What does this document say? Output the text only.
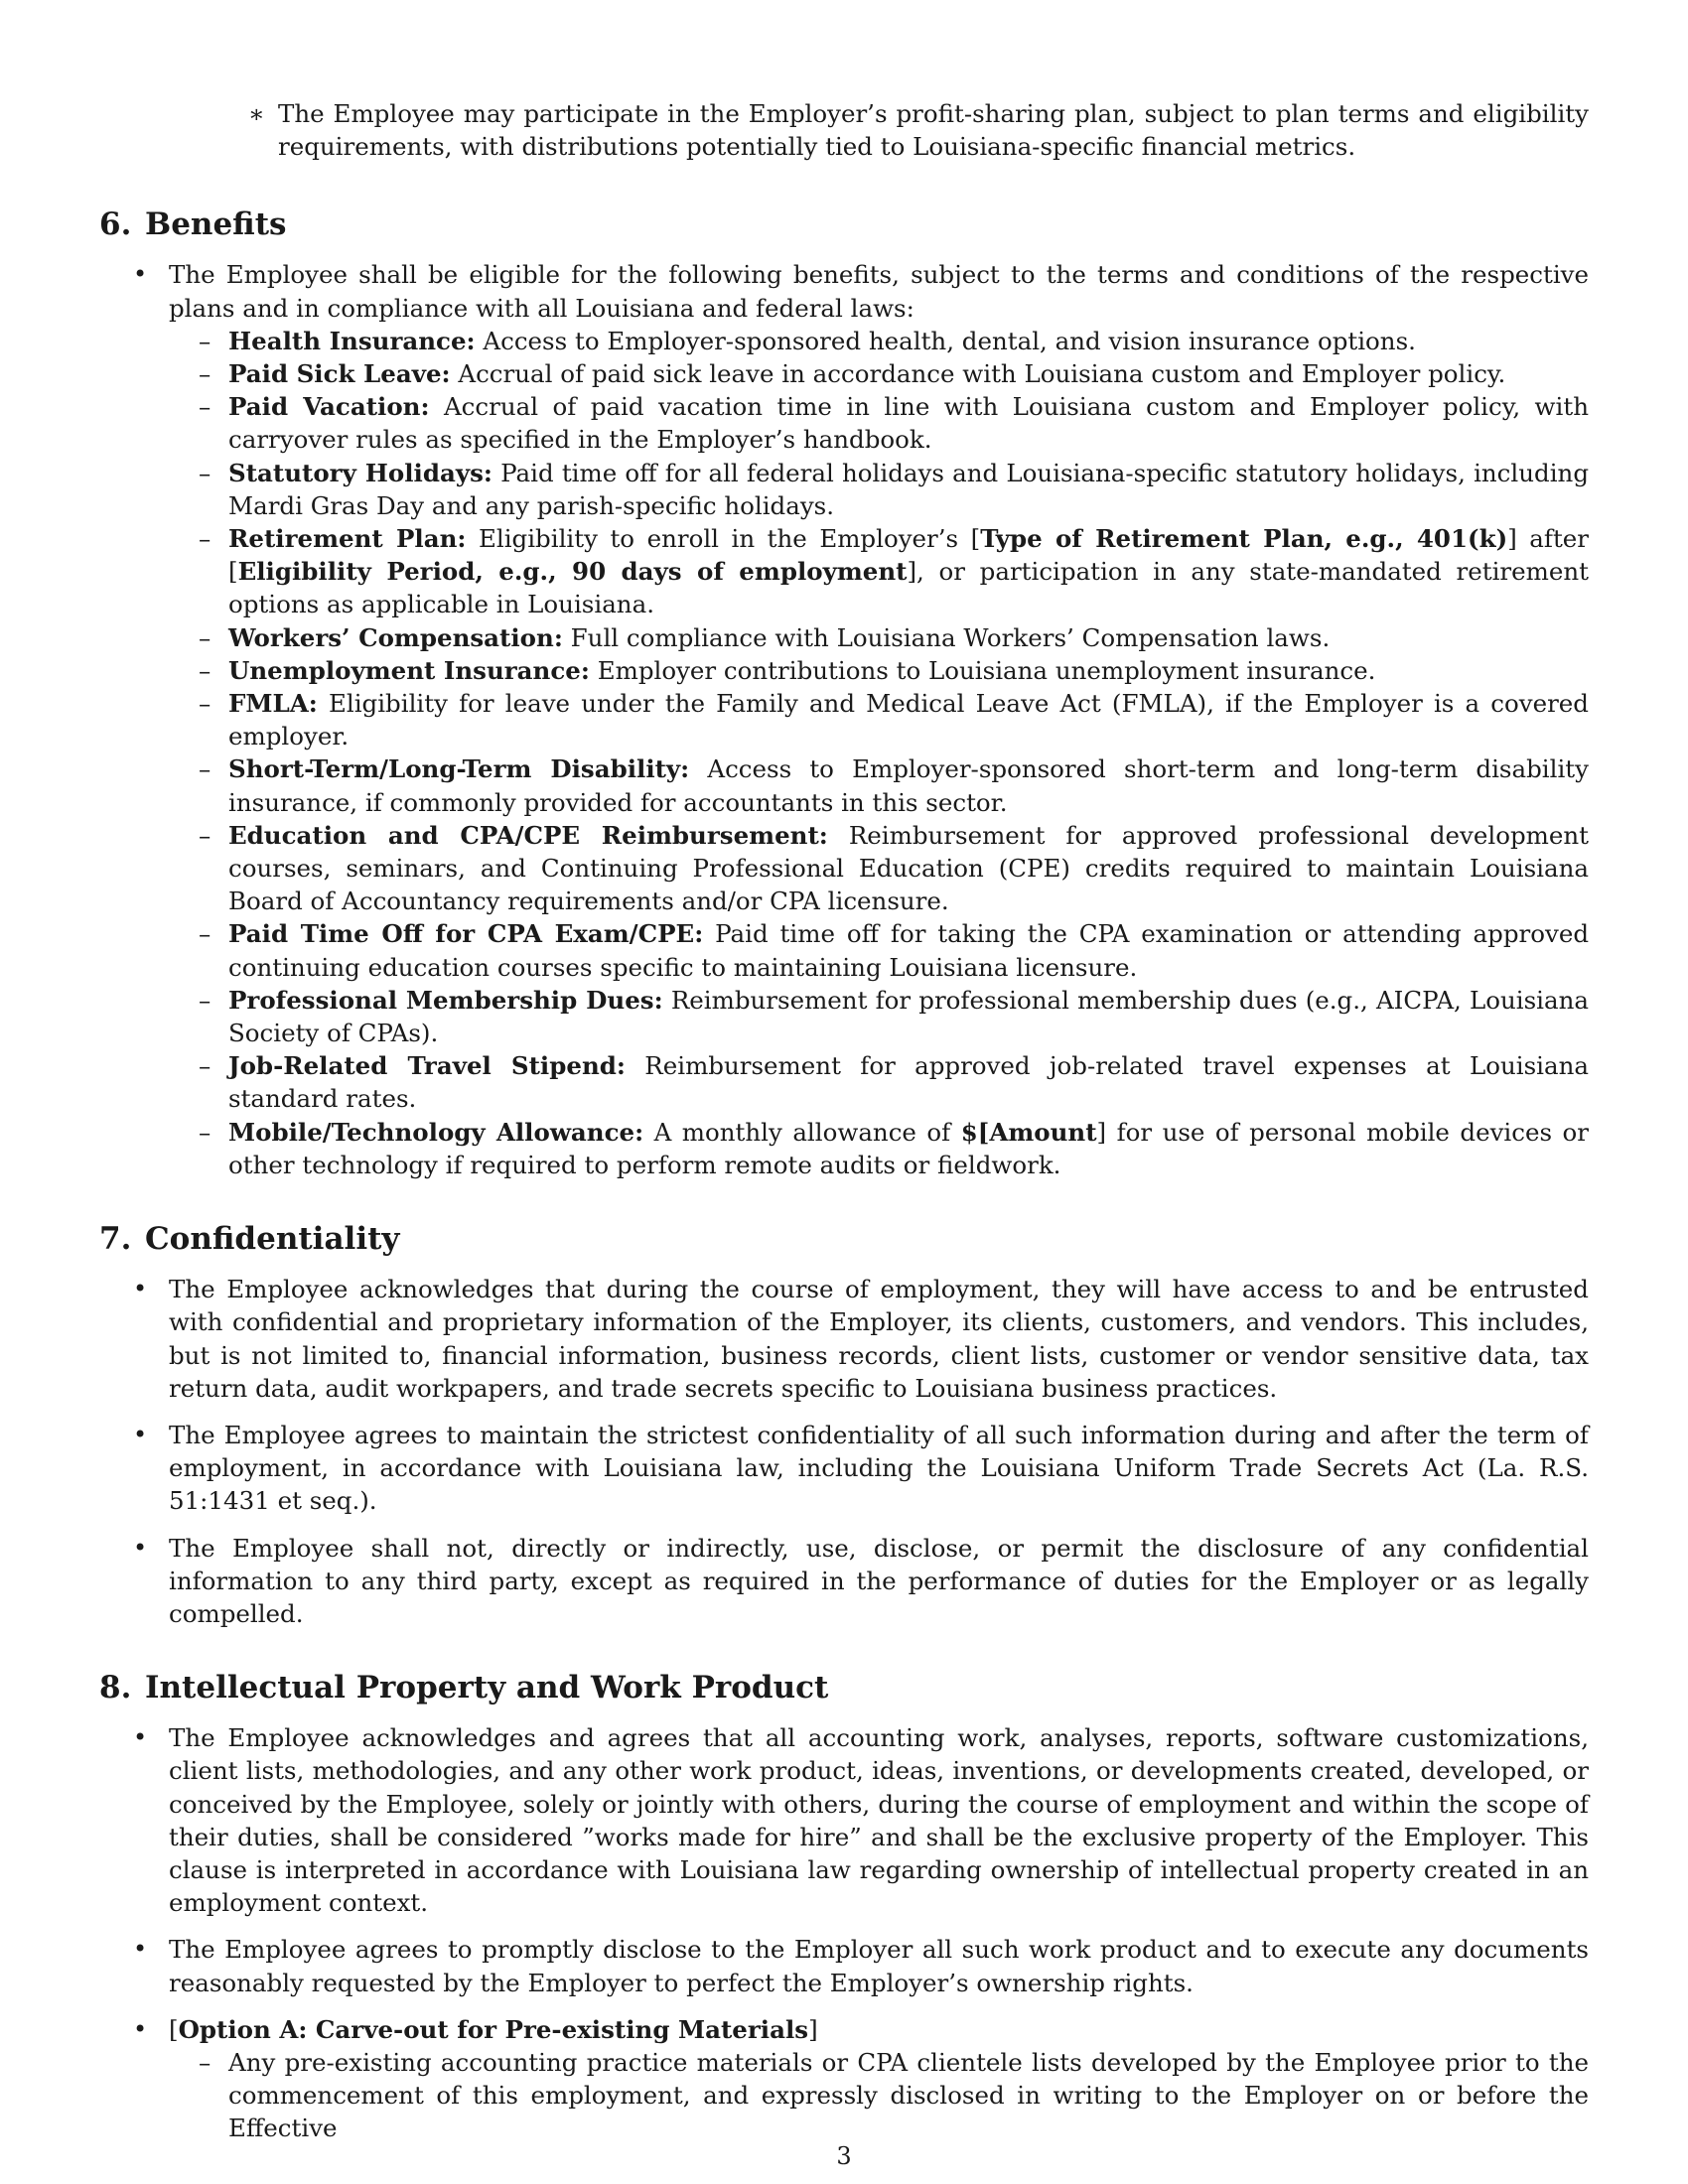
∗ The Employee may participate in the Employer’s profit-sharing plan, subject to plan terms and eligibility requirements, with distributions potentially tied to Louisiana-specific financial metrics.

6. Benefits
• The Employee shall be eligible for the following benefits, subject to the terms and conditions of the respective plans and in compliance with all Louisiana and federal laws:

– Health Insurance: Access to Employer-sponsored health, dental, and vision insurance options.

– Paid Sick Leave: Accrual of paid sick leave in accordance with Louisiana custom and Employer policy.

– Paid Vacation: Accrual of paid vacation time in line with Louisiana custom and Employer policy, with carryover rules as specified in the Employer’s handbook.

– Statutory Holidays: Paid time off for all federal holidays and Louisiana-specific statutory holidays, including Mardi Gras Day and any parish-specific holidays.

– Retirement Plan: Eligibility to enroll in the Employer’s [Type of Retirement Plan, e.g., 401(k)] after [Eligibility Period, e.g., 90 days of employment], or participation in any state-mandated retirement options as applicable in Louisiana.

– Workers’ Compensation: Full compliance with Louisiana Workers’ Compensation laws.

– Unemployment Insurance: Employer contributions to Louisiana unemployment insurance.

– FMLA: Eligibility for leave under the Family and Medical Leave Act (FMLA), if the Employer is a covered employer.

– Short-Term/Long-Term Disability: Access to Employer-sponsored short-term and long-term disability insurance, if commonly provided for accountants in this sector.

– Education and CPA/CPE Reimbursement: Reimbursement for approved professional development courses, seminars, and Continuing Professional Education (CPE) credits required to maintain Louisiana Board of Accountancy requirements and/or CPA licensure.

– Paid Time Off for CPA Exam/CPE: Paid time off for taking the CPA examination or attending approved continuing education courses specific to maintaining Louisiana licensure.

– Professional Membership Dues: Reimbursement for professional membership dues (e.g., AICPA, Louisiana Society of CPAs).

– Job-Related Travel Stipend: Reimbursement for approved job-related travel expenses at Louisiana standard rates.

– Mobile/Technology Allowance: A monthly allowance of $[Amount] for use of personal mobile devices or other technology if required to perform remote audits or fieldwork.

7. Confidentiality
• The Employee acknowledges that during the course of employment, they will have access to and be entrusted with confidential and proprietary information of the Employer, its clients, customers, and vendors. This includes, but is not limited to, financial information, business records, client lists, customer or vendor sensitive data, tax return data, audit workpapers, and trade secrets specific to Louisiana business practices.

• The Employee agrees to maintain the strictest confidentiality of all such information during and after the term of employment, in accordance with Louisiana law, including the Louisiana Uniform Trade Secrets Act (La. R.S. 51:1431 et seq.).

• The Employee shall not, directly or indirectly, use, disclose, or permit the disclosure of any confidential information to any third party, except as required in the performance of duties for the Employer or as legally compelled.

8. Intellectual Property and Work Product
• The Employee acknowledges and agrees that all accounting work, analyses, reports, software customizations, client lists, methodologies, and any other work product, ideas, inventions, or developments created, developed, or conceived by the Employee, solely or jointly with others, during the course of employment and within the scope of their duties, shall be considered ”works made for hire” and shall be the exclusive property of the Employer. This clause is interpreted in accordance with Louisiana law regarding ownership of intellectual property created in an employment context.

• The Employee agrees to promptly disclose to the Employer all such work product and to execute any documents reasonably requested by the Employer to perfect the Employer’s ownership rights.

• [Option A: Carve-out for Pre-existing Materials]

– Any pre-existing accounting practice materials or CPA clientele lists developed by the Employee prior to the commencement of this employment, and expressly disclosed in writing to the Employer on or before the Effective

3
